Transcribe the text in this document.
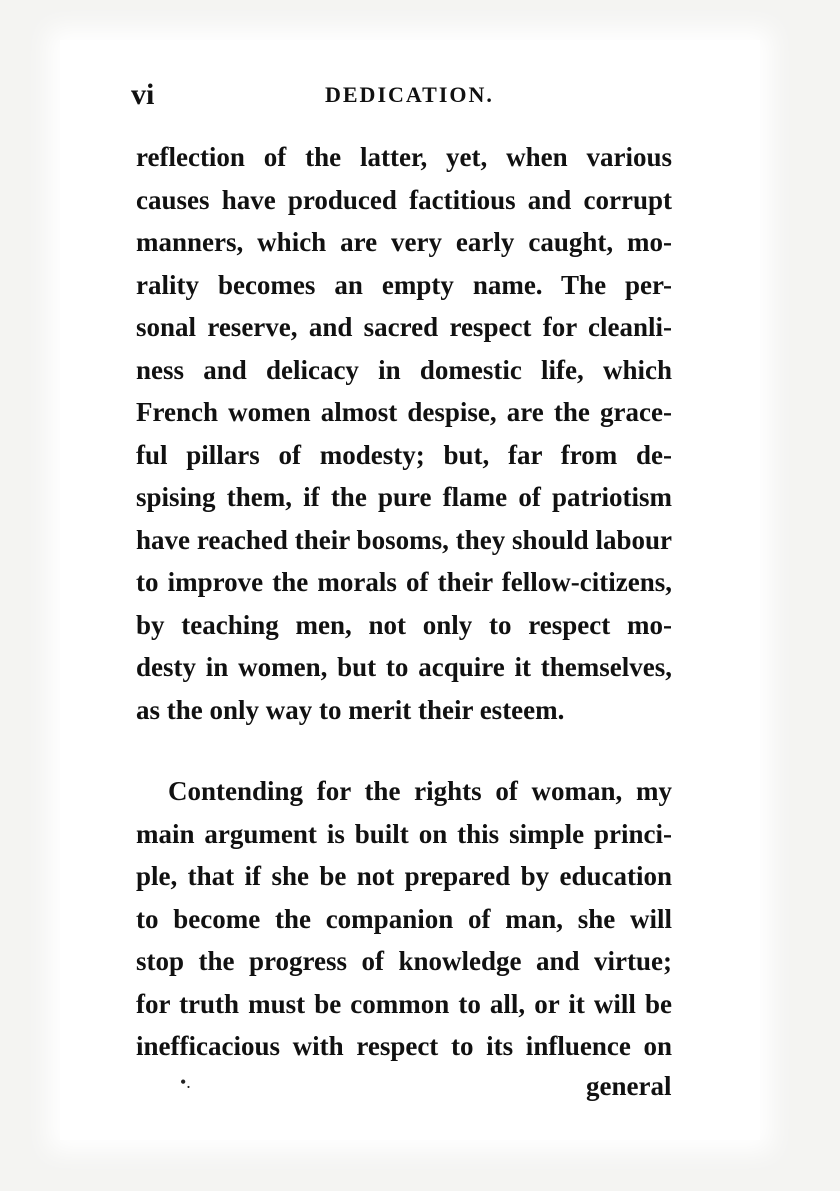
vi	DEDICATION.
reflection of the latter, yet, when various
causes have produced factitious and corrupt
manners, which are very early caught, mo-
rality becomes an empty name. The per-
sonal reserve, and sacred respect for cleanli-
ness and delicacy in domestic life, which
French women almost despise, are the grace-
ful pillars of modesty; but, far from de-
spising them, if the pure flame of patriotism
have reached their bosoms, they should labour
to improve the morals of their fellow-citizens,
by teaching men, not only to respect mo-
desty in women, but to acquire it themselves,
as the only way to merit their esteem.
Contending for the rights of woman, my
main argument is built on this simple princi-
ple, that if she be not prepared by education
to become the companion of man, she will
stop the progress of knowledge and virtue;
for truth must be common to all, or it will be
inefficacious with respect to its influence on
•.	general
